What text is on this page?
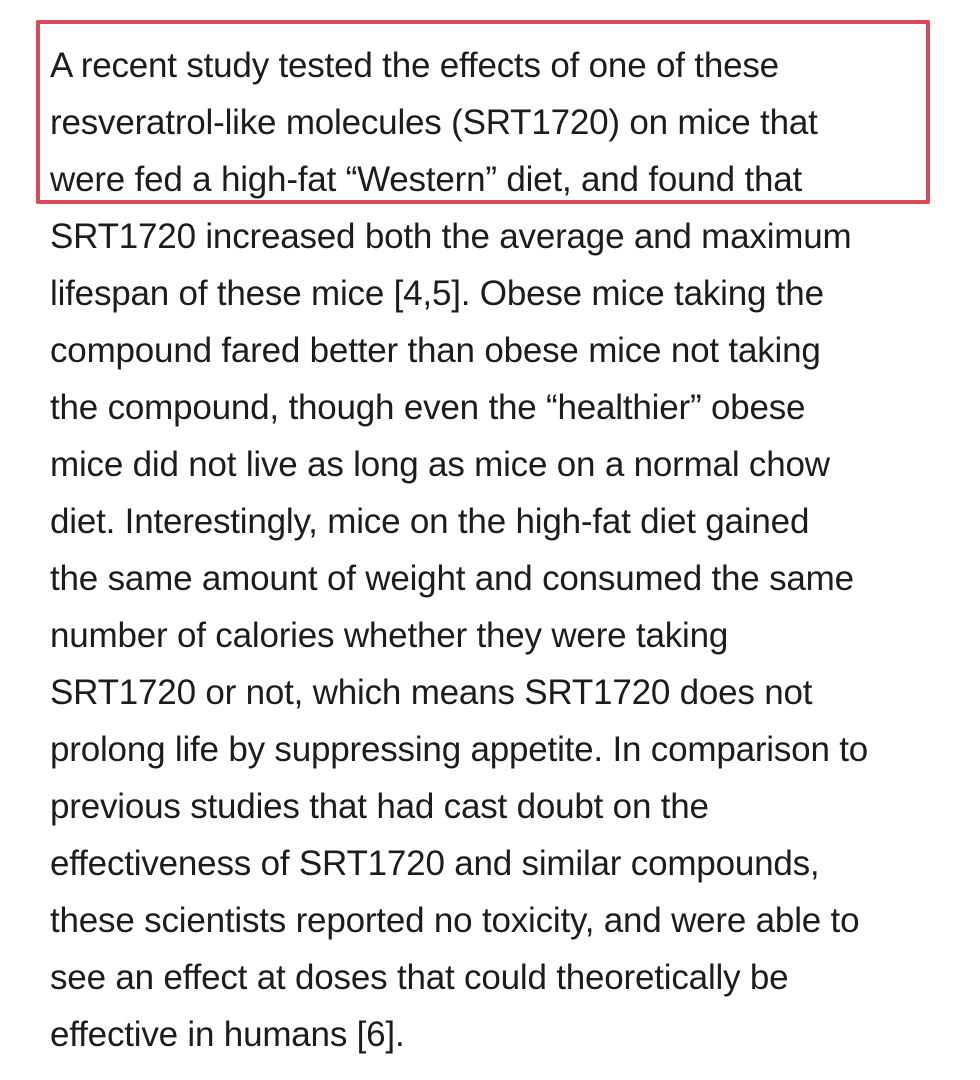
A recent study tested the effects of one of these
resveratrol-like molecules (SRT1720) on mice that
were fed a high-fat “Western” diet, and found that
SRT1720 increased both the average and maximum
lifespan of these mice [4,5]. Obese mice taking the
compound fared better than obese mice not taking
the compound, though even the “healthier” obese
mice did not live as long as mice on a normal chow
diet. Interestingly, mice on the high-fat diet gained
the same amount of weight and consumed the same
number of calories whether they were taking
SRT1720 or not, which means SRT1720 does not
prolong life by suppressing appetite. In comparison to
previous studies that had cast doubt on the
effectiveness of SRT1720 and similar compounds,
these scientists reported no toxicity, and were able to
see an effect at doses that could theoretically be
effective in humans [6].
